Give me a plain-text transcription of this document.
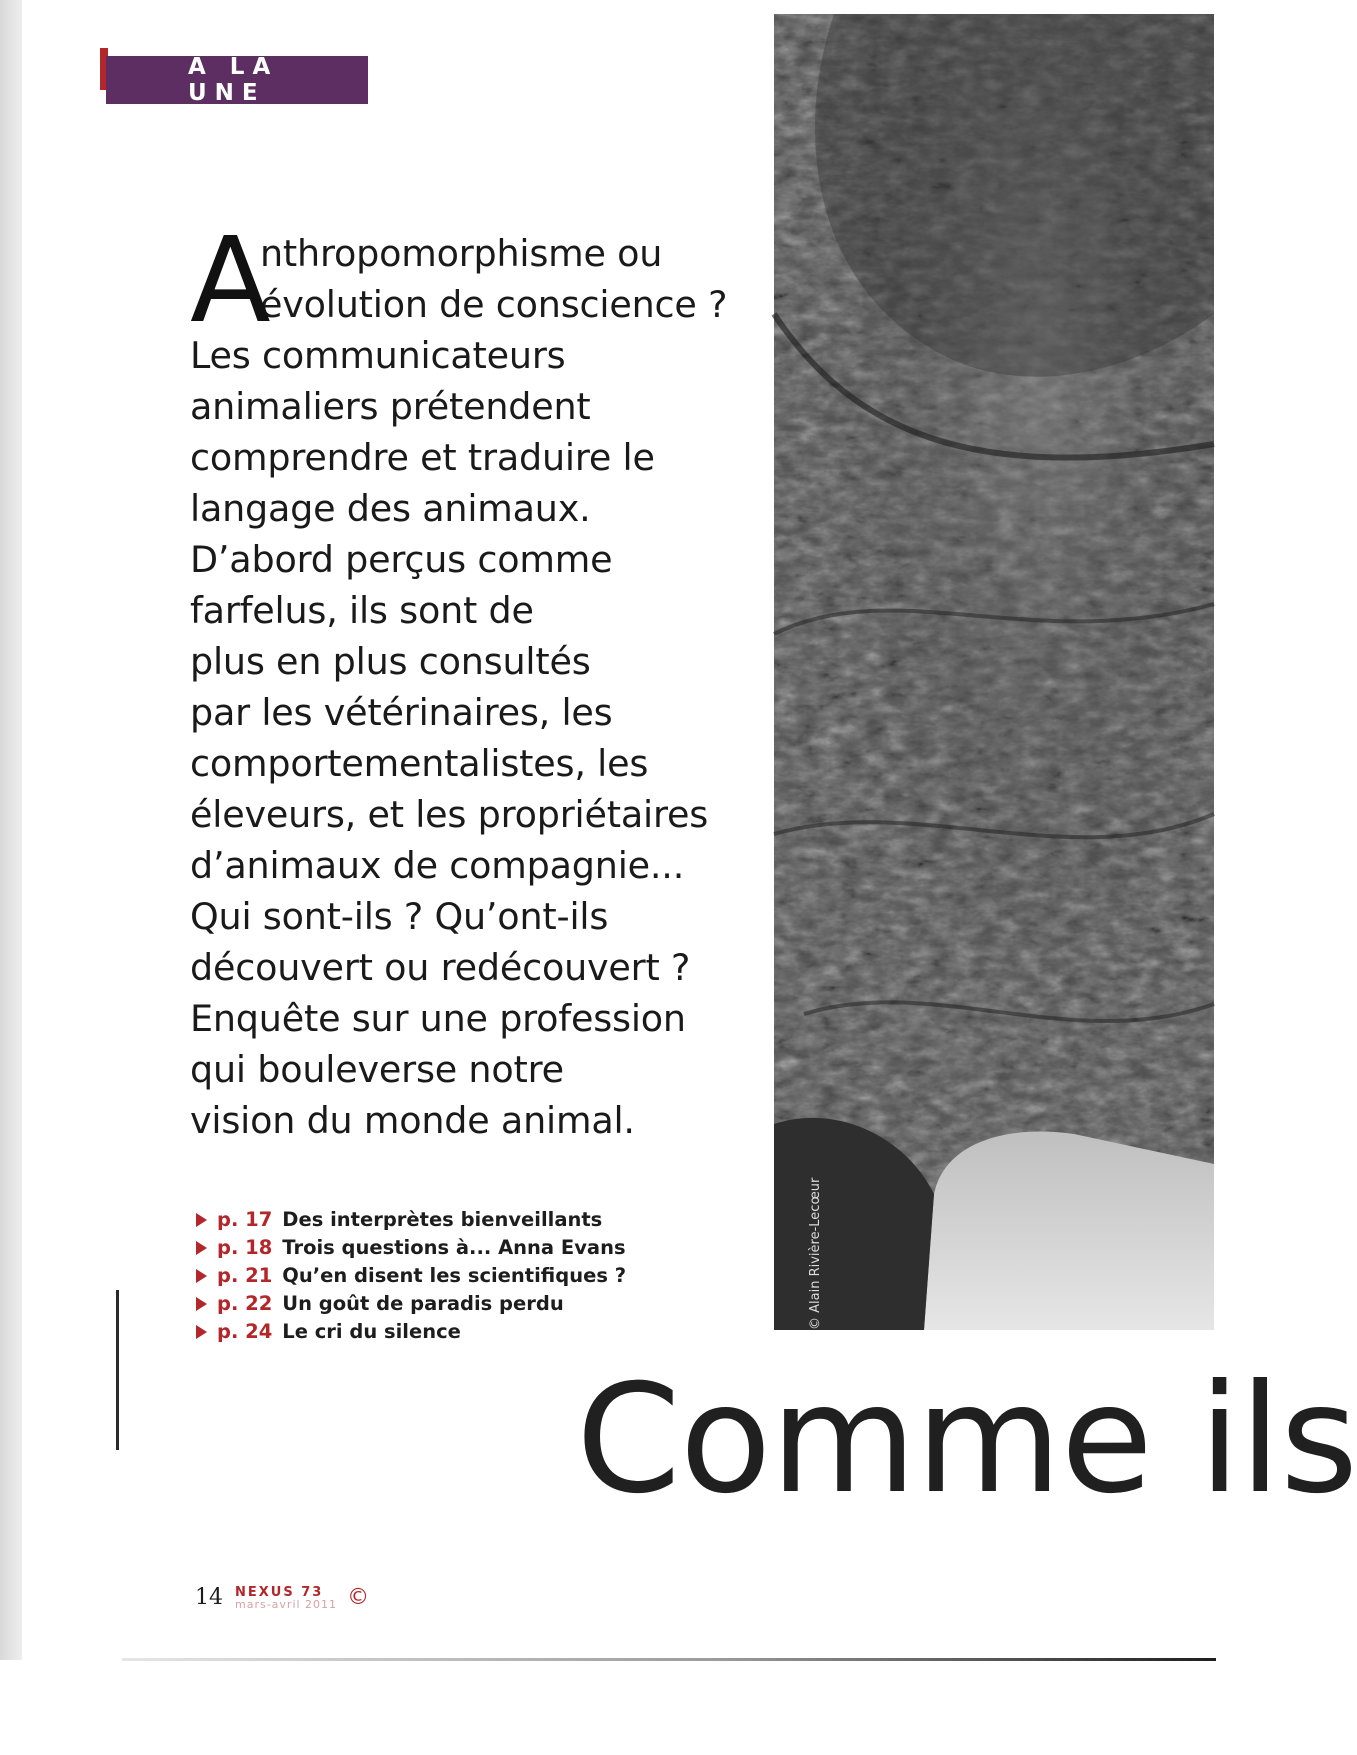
À LA UNE
A
nthropomorphisme ou
évolution de conscience ?
Les communicateurs
animaliers prétendent
comprendre et traduire le
langage des animaux.
D’abord perçus comme
farfelus, ils sont de
plus en plus consultés
par les vétérinaires, les
comportementalistes, les
éleveurs, et les propriétaires
d’animaux de compagnie...
Qui sont-ils ? Qu’ont-ils
découvert ou redécouvert ?
Enquête sur une profession
qui bouleverse notre
vision du monde animal.
p. 17 Des interprètes bienveillants
p. 18 Trois questions à... Anna Evans
p. 21 Qu’en disent les scientifiques ?
p. 22 Un goût de paradis perdu
p. 24 Le cri du silence
© Alain Rivière-Lecœur
Comme ils
14 NEXUS 73
mars-avril 2011 ©
